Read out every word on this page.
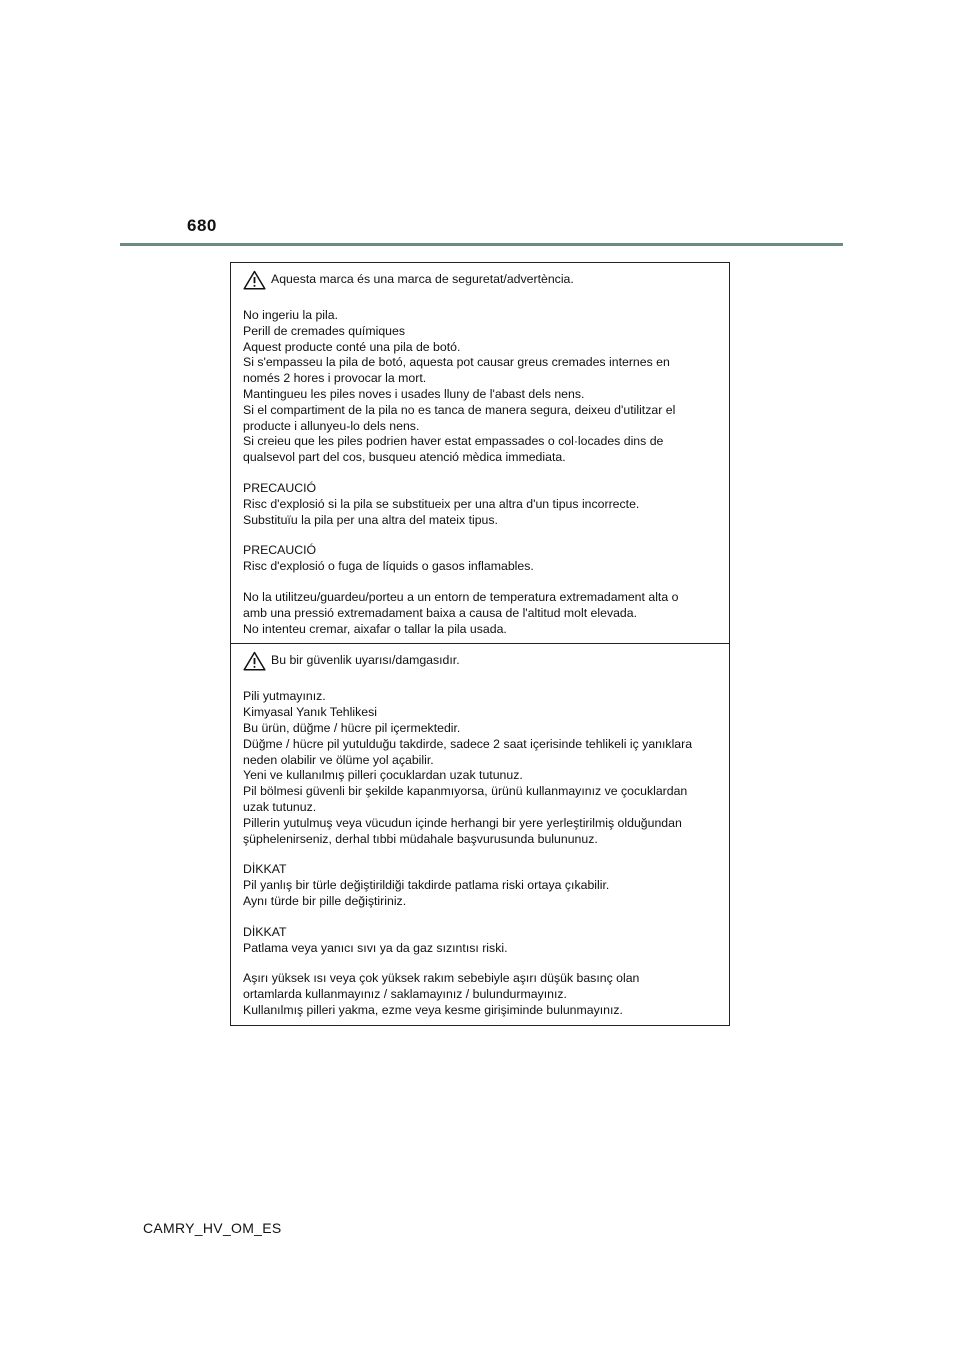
680
Aquesta marca és una marca de seguretat/advertència.
No ingeriu la pila.
Perill de cremades químiques
Aquest producte conté una pila de botó.
Si s'empasseu la pila de botó, aquesta pot causar greus cremades internes en
només 2 hores i provocar la mort.
Mantingueu les piles noves i usades lluny de l'abast dels nens.
Si el compartiment de la pila no es tanca de manera segura, deixeu d'utilitzar el
producte i allunyeu-lo dels nens.
Si creieu que les piles podrien haver estat empassades o col·locades dins de
qualsevol part del cos, busqueu atenció mèdica immediata.
PRECAUCIÓ
Risc d'explosió si la pila se substitueix per una altra d'un tipus incorrecte.
Substituïu la pila per una altra del mateix tipus.
PRECAUCIÓ
Risc d'explosió o fuga de líquids o gasos inflamables.
No la utilitzeu/guardeu/porteu a un entorn de temperatura extremadament alta o
amb una pressió extremadament baixa a causa de l'altitud molt elevada.
No intenteu cremar, aixafar o tallar la pila usada.
Bu bir güvenlik uyarısı/damgasıdır.
Pili yutmayınız.
Kimyasal Yanık Tehlikesi
Bu ürün, düğme / hücre pil içermektedir.
Düğme / hücre pil yutulduğu takdirde, sadece 2 saat içerisinde tehlikeli iç yanıklara
neden olabilir ve ölüme yol açabilir.
Yeni ve kullanılmış pilleri çocuklardan uzak tutunuz.
Pil bölmesi güvenli bir şekilde kapanmıyorsa, ürünü kullanmayınız ve çocuklardan
uzak tutunuz.
Pillerin yutulmuş veya vücudun içinde herhangi bir yere yerleştirilmiş olduğundan
şüphelenirseniz, derhal tıbbi müdahale başvurusunda bulununuz.
DİKKAT
Pil yanlış bir türle değiştirildiği takdirde patlama riski ortaya çıkabilir.
Aynı türde bir pille değiştiriniz.
DİKKAT
Patlama veya yanıcı sıvı ya da gaz sızıntısı riski.
Aşırı yüksek ısı veya çok yüksek rakım sebebiyle aşırı düşük basınç olan
ortamlarda kullanmayınız / saklamayınız / bulundurmayınız.
Kullanılmış pilleri yakma, ezme veya kesme girişiminde bulunmayınız.
CAMRY_HV_OM_ES
